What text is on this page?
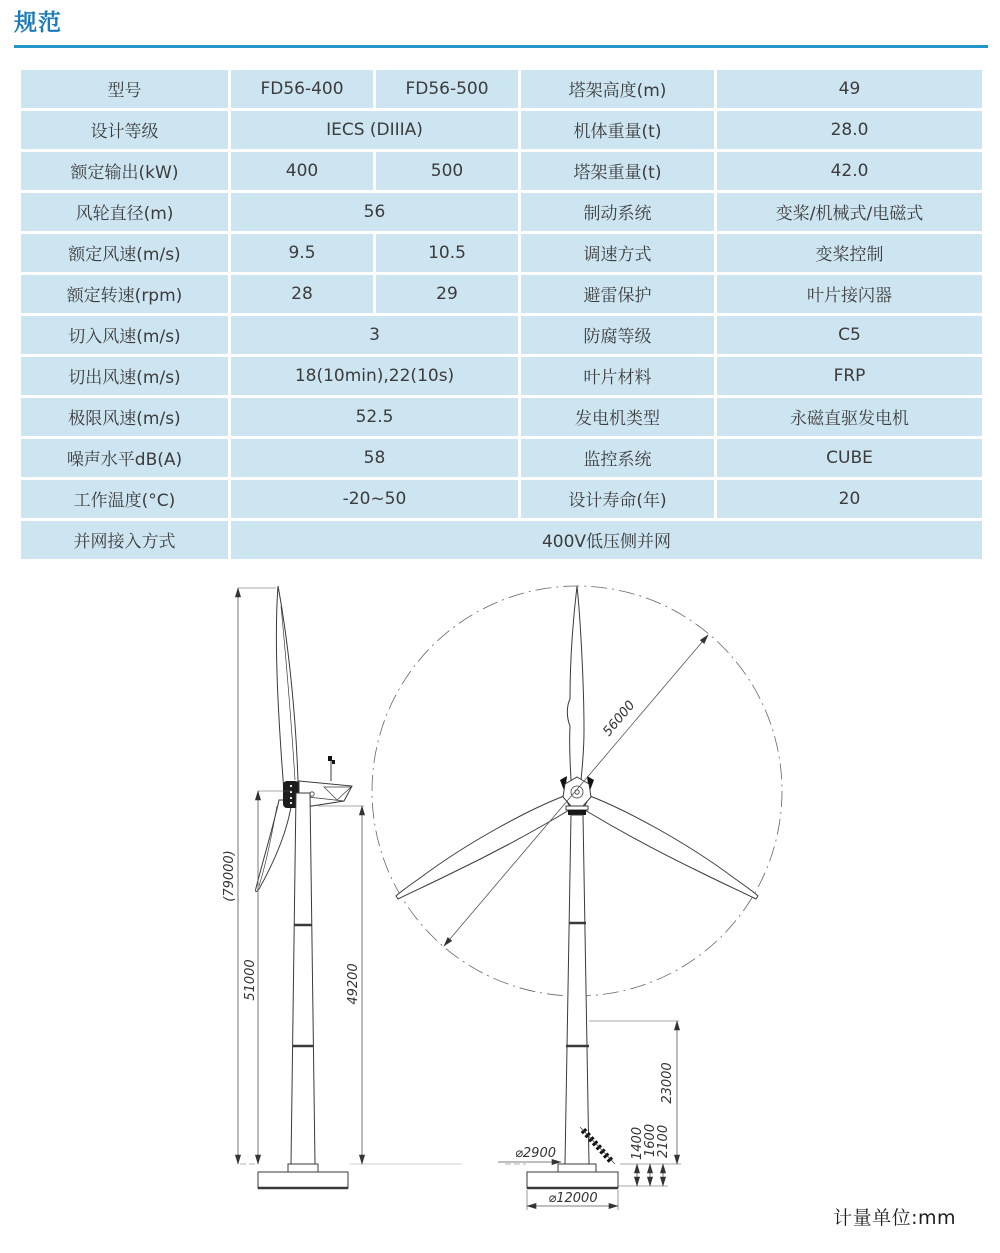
规范
型号	FD56-400	FD56-500	塔架高度(m)	49
设计等级	IECS (DIIIA)		机体重量(t)	28.0
额定输出(kW)	400	500	塔架重量(t)	42.0
风轮直径(m)	56		制动系统	变桨/机械式/电磁式
额定风速(m/s)	9.5	10.5	调速方式	变桨控制
额定转速(rpm)	28	29	避雷保护	叶片接闪器
切入风速(m/s)	3		防腐等级	C5
切出风速(m/s)	18(10min),22(10s)		叶片材料	FRP
极限风速(m/s)	52.5		发电机类型	永磁直驱发电机
噪声水平dB(A)	58		监控系统	CUBE
工作温度(°C)	-20~50		设计寿命(年)	20
并网接入方式	400V低压侧并网			
(79000)
51000	49200
56000
23000
1400
1600
2100
⌀2900
⌀12000
计量单位:mm
